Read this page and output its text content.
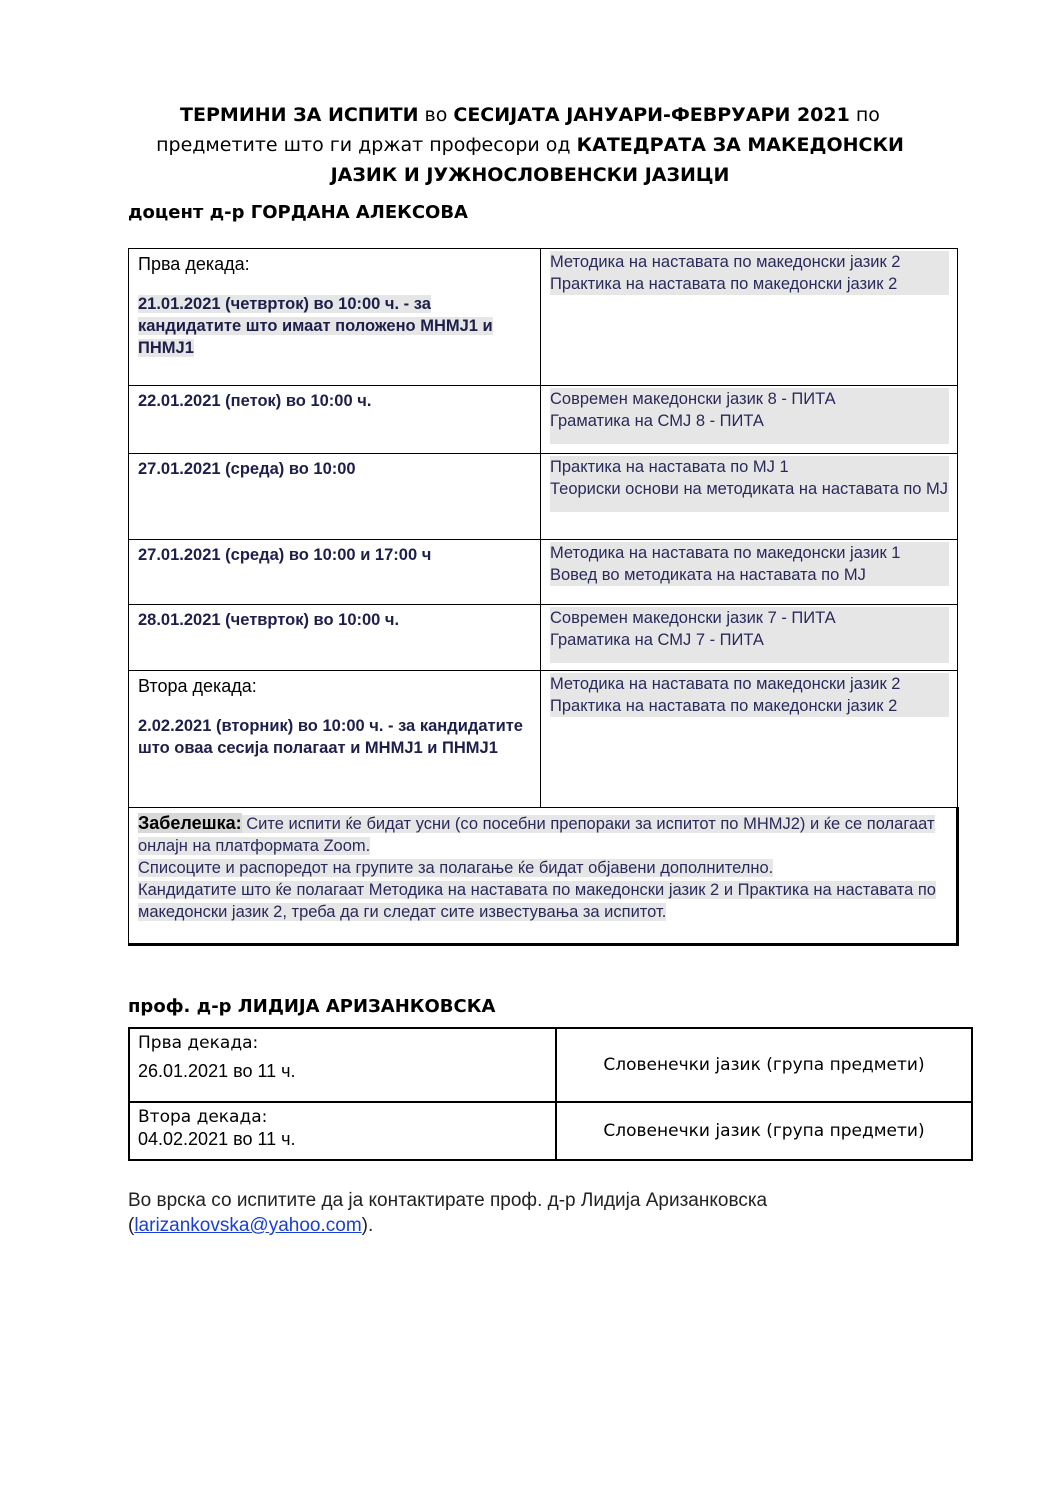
ТЕРМИНИ ЗА ИСПИТИ во СЕСИЈАТА ЈАНУАРИ-ФЕВРУАРИ 2021 по
предметите што ги држат професори од КАТЕДРАТА ЗА МАКЕДОНСКИ
ЈАЗИК И ЈУЖНОСЛОВЕНСКИ ЈАЗИЦИ
доцент д-р ГОРДАНА АЛЕКСОВА
Прва декада:
21.01.2021 (четврток) во 10:00 ч. - за кандидатите што имаат положено МНМЈ1 и ПНМЈ1	Методика на наставата по македонски јазик 2
Практика на наставата по македонски јазик 2

22.01.2021 (петок) во 10:00 ч.	Современ македонски јазик 8 - ПИТА
Граматика на СМЈ 8 - ПИТА

27.01.2021 (среда) во 10:00	Практика на наставата по МЈ 1
Теориски основи на методиката на наставата по МЈ

27.01.2021 (среда) во 10:00 и 17:00 ч	Методика на наставата по македонски јазик 1
Вовед во методиката на наставата по МЈ

28.01.2021 (четврток) во 10:00 ч.	Современ македонски јазик 7 - ПИТА
Граматика на СМЈ 7 - ПИТА

Втора декада:
2.02.2021 (вторник) во 10:00 ч. - за кандидатите што оваа сесија полагаат и МНМЈ1 и ПНМЈ1	Методика на наставата по македонски јазик 2
Практика на наставата по македонски јазик 2

Забелешка: Сите испити ќе бидат усни (со посебни препораки за испитот по МНМЈ2) и ќе се полагаат онлајн на платформата Zoom.
Списоците и распоредот на групите за полагање ќе бидат објавени дополнително.
Кандидатите што ќе полагаат Методика на наставата по македонски јазик 2 и Практика на наставата по македонски јазик 2, треба да ги следат сите известувања за испитот.	
проф. д-р ЛИДИЈА АРИЗАНКОВСКА
Прва декада:
26.01.2021 во 11 ч.	Словенечки јазик (група предмети)

Втора декада:
04.02.2021 во 11 ч.	Словенечки јазик (група предмети)
Во врска со испитите да ја контактирате проф. д-р Лидија Аризанковска (larizankovska@yahoo.com).
